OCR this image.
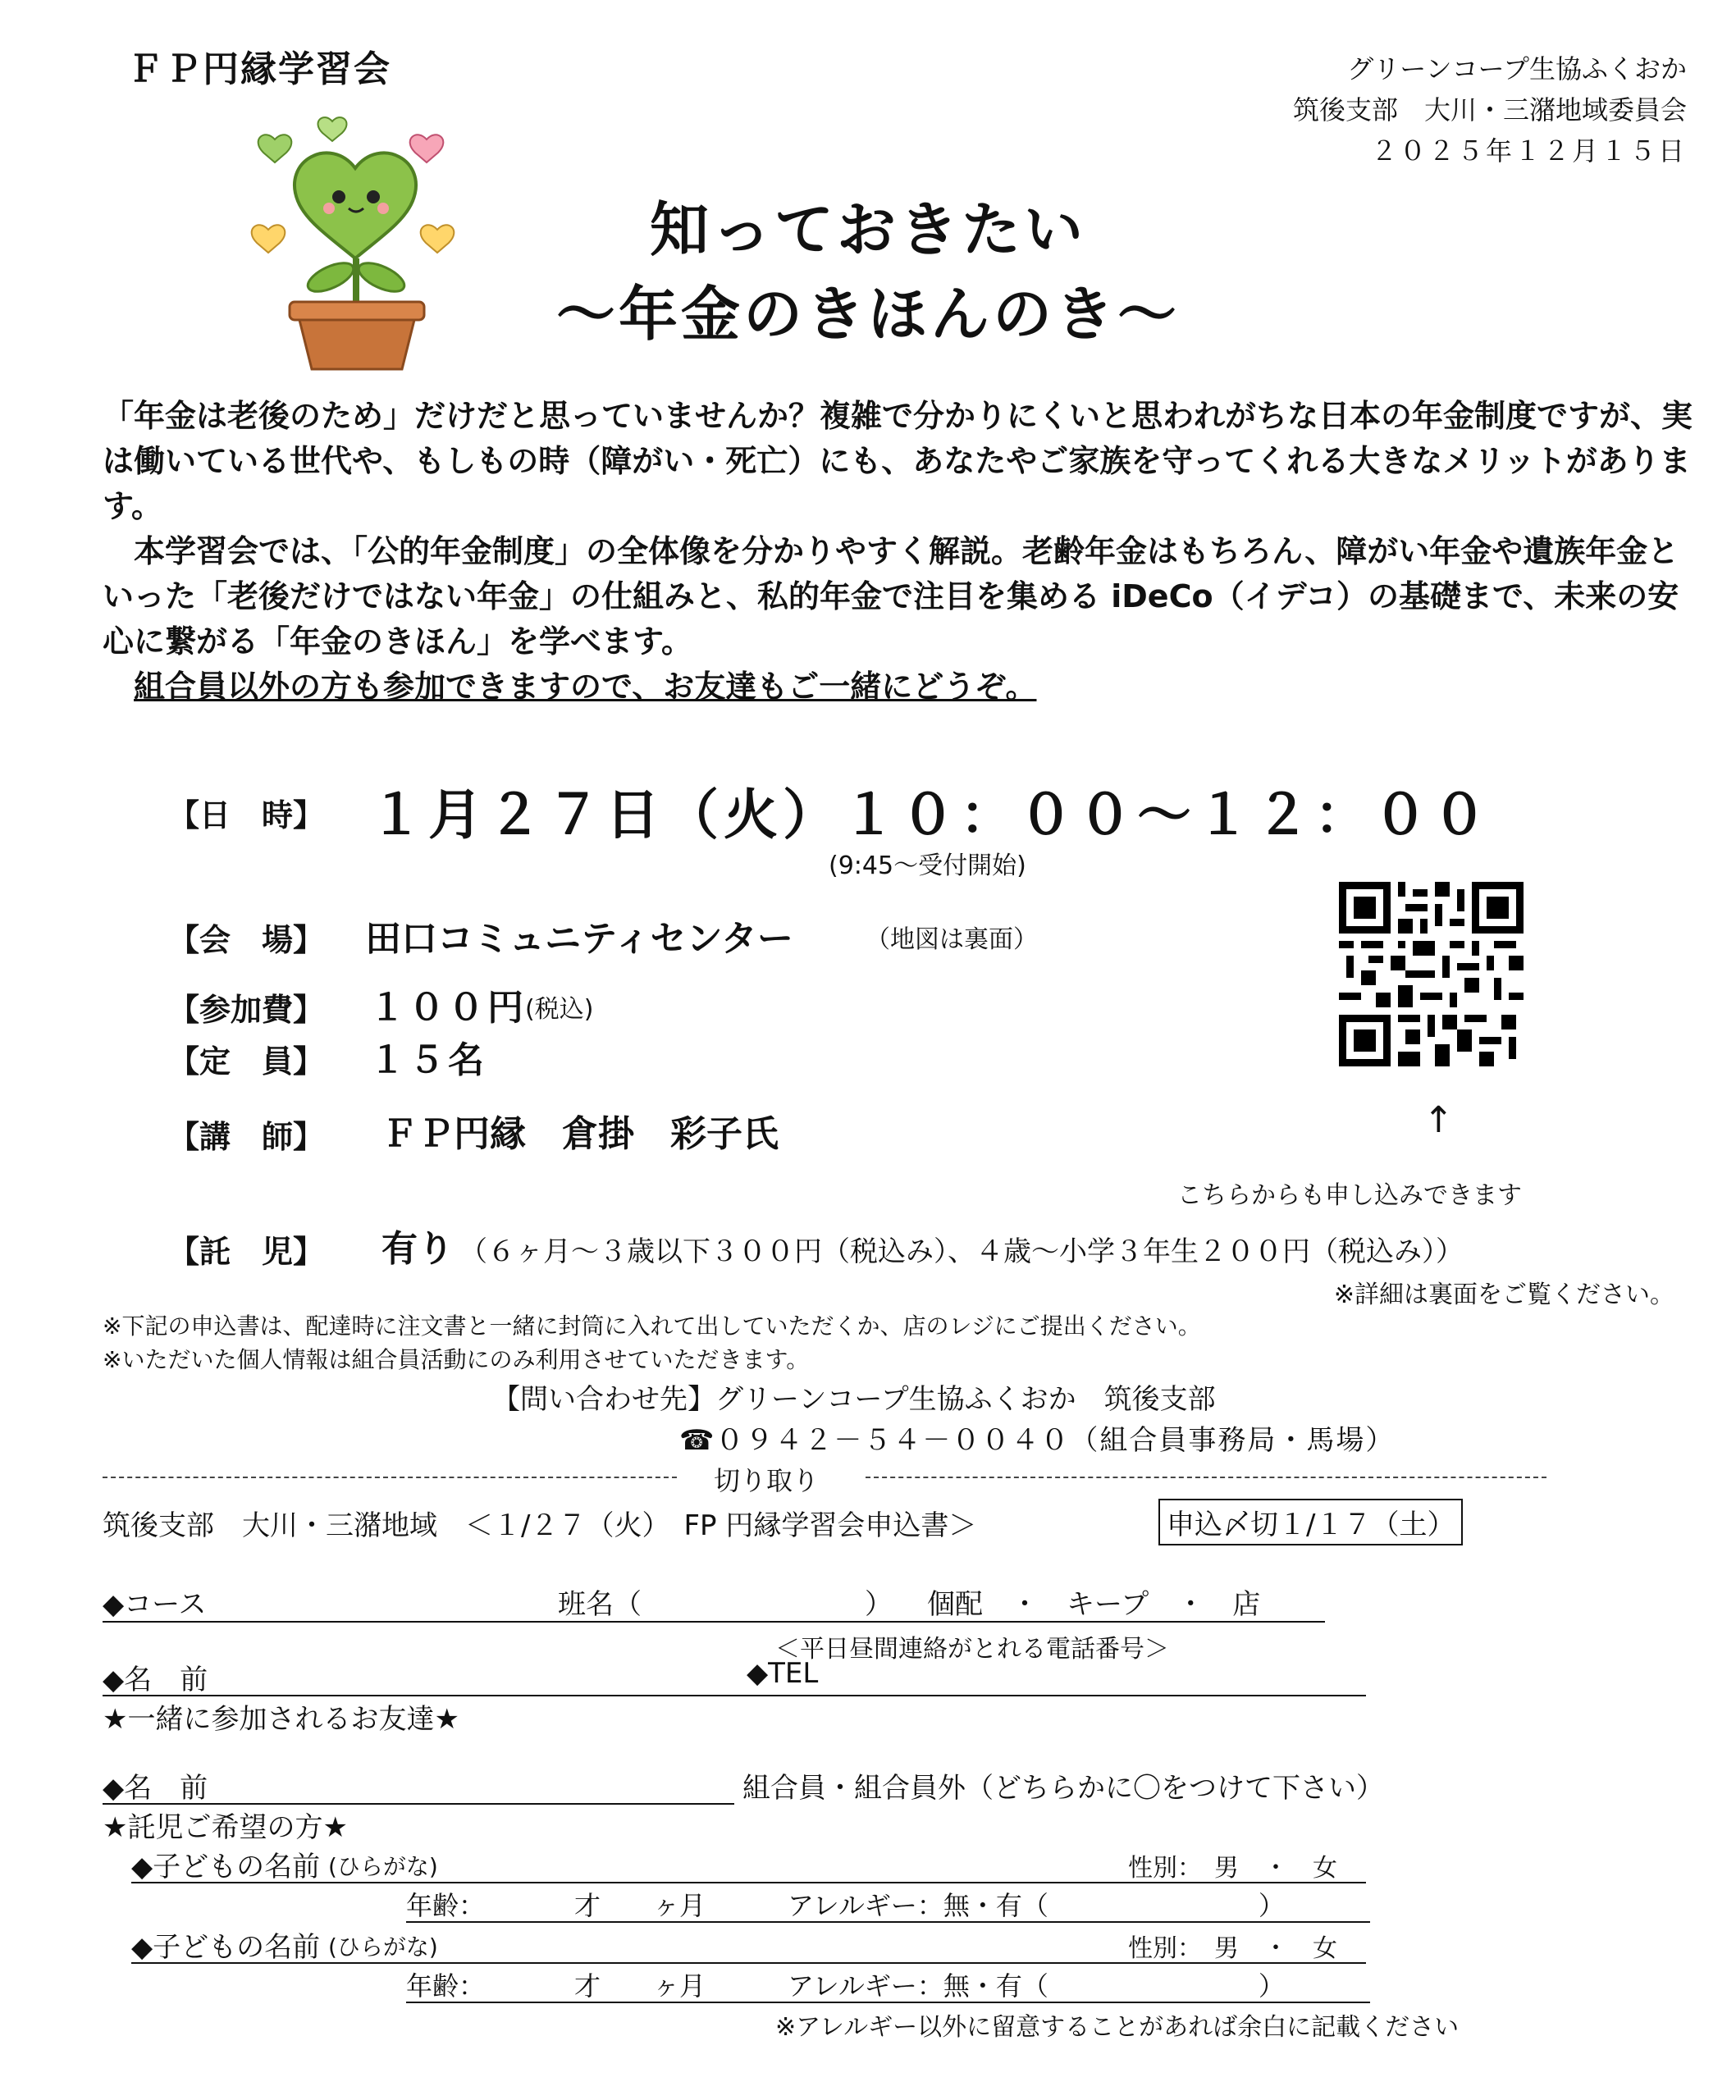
ＦＰ円縁学習会	グリーンコープ生協ふくおか
筑後支部　大川・三潴地域委員会
２０２５年１２月１５日
知っておきたい
～年金のきほんのき～

「年金は老後のため」だけだと思っていませんか？複雑で分かりにくいと思われがちな日本の年金制度ですが、実は働いている世代や、もしもの時（障がい・死亡）にも、あなたやご家族を守ってくれる大きなメリットがあります。

本学習会では、「公的年金制度」の全体像を分かりやすく解説。老齢年金はもちろん、障がい年金や遺族年金といった「老後だけではない年金」の仕組みと、私的年金で注目を集める iDeCo（イデコ）の基礎まで、未来の安心に繋がる「年金のきほん」を学べます。

組合員以外の方も参加できますので、お友達もご一緒にどうぞ。

【日　時】 １月２７日（火）１０：００～１２：００
(9:45～受付開始)
【会　場】 田口コミュニティセンター	（地図は裏面）
【参加費】 １００円
(税込)
【定　員】 １５名
【講　師】 ＦＰ円縁　倉掛　彩子氏
【託　児】 有り （６ヶ月～３歳以下３００円（税込み）、４歳～小学３年生２００円（税込み））
※詳細は裏面をご覧ください。
↑
こちらからも申し込みできます
※下記の申込書は、配達時に注文書と一緒に封筒に入れて出していただくか、店のレジにご提出ください。
※いただいた個人情報は組合員活動にのみ利用させていただきます。
【問い合わせ先】グリーンコープ生協ふくおか　筑後支部
☎０９４２－５４－００４０（組合員事務局・馬場）
切り取り
筑後支部　大川・三潴地域　＜１/２７（火）　FP 円縁学習会申込書＞	申込〆切１/１７（土）
◆コース	班名（　　　　　　　　） 個配　・　キープ　・　店
＜平日昼間連絡がとれる電話番号＞
◆名　前	◆TEL
★一緒に参加されるお友達★
◆名　前	組合員・組合員外（どちらかに〇をつけて下さい）
★託児ご希望の方★
◆子どもの名前 (ひらがな)	性別：　男　・　女
年齢：	才　　ヶ月	アレルギー：無・有（　　　　　　　　）
◆子どもの名前 (ひらがな)	性別：　男　・　女
年齢：	才　　ヶ月	アレルギー：無・有（　　　　　　　　）
※アレルギー以外に留意することがあれば余白に記載ください
